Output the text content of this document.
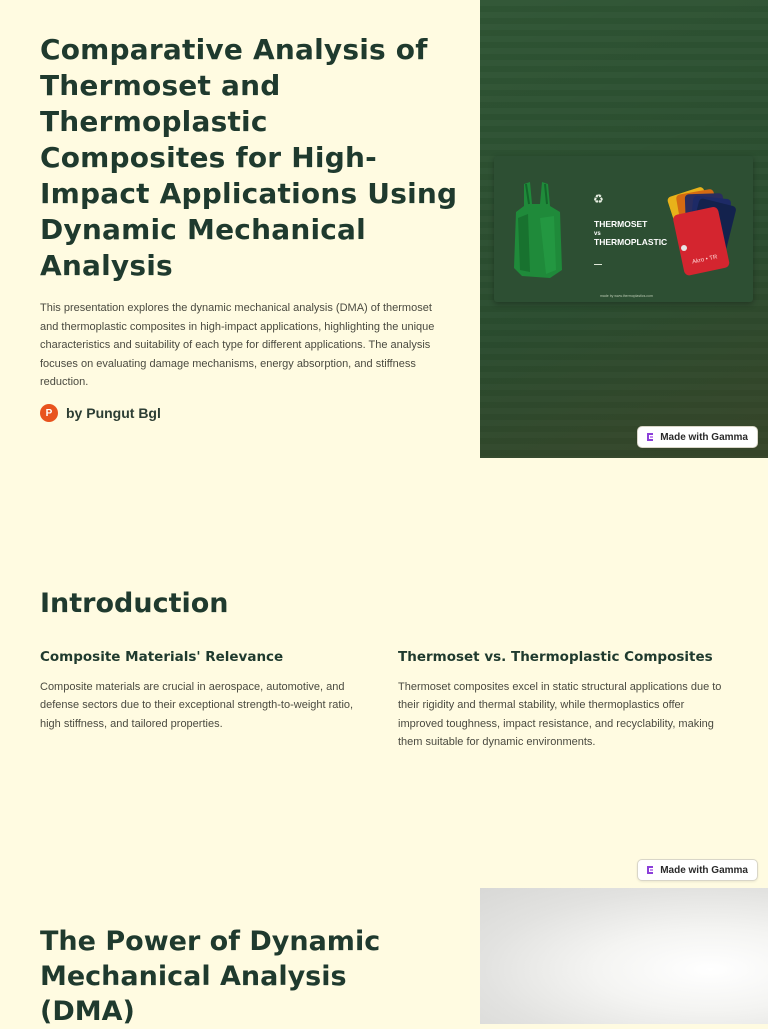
Comparative Analysis of Thermoset and Thermoplastic Composites for High-Impact Applications Using Dynamic Mechanical Analysis

This presentation explores the dynamic mechanical analysis (DMA) of thermoset and thermoplastic composites in high-impact applications, highlighting the unique characteristics and suitability of each type for different applications. The analysis focuses on evaluating damage mechanisms, energy absorption, and stiffness reduction.

P by Pungut Bgl
♻
THERMOSET
vs
THERMOPLASTIC
made by www.thermoplastics.com
Akro • TR
Made with Gamma
Introduction
Composite Materials' Relevance

Composite materials are crucial in aerospace, automotive, and defense sectors due to their exceptional strength-to-weight ratio, high stiffness, and tailored properties.

Thermoset vs. Thermoplastic Composites

Thermoset composites excel in static structural applications due to their rigidity and thermal stability, while thermoplastics offer improved toughness, impact resistance, and recyclability, making them suitable for dynamic environments.

Made with Gamma
The Power of Dynamic Mechanical Analysis (DMA)
